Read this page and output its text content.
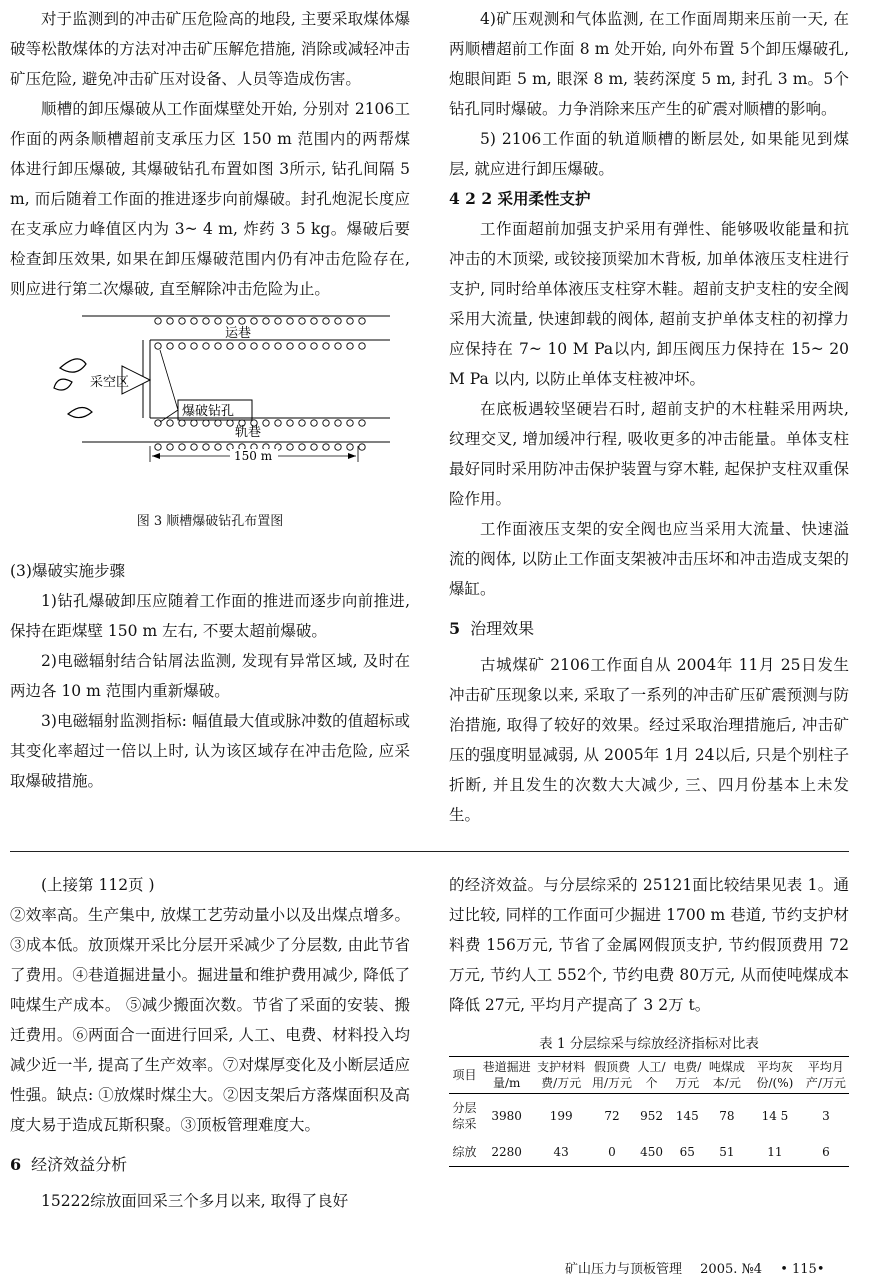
对于监测到的冲击矿压危险高的地段, 主要采取煤体爆破等松散煤体的方法对冲击矿压解危措施, 消除或减轻冲击矿压危险, 避免冲击矿压对设备、人员等造成伤害。

顺槽的卸压爆破从工作面煤壁处开始, 分别对 2106工作面的两条顺槽超前支承压力区 150 m 范围内的两帮煤体进行卸压爆破, 其爆破钻孔布置如图 3所示, 钻孔间隔 5 m, 而后随着工作面的推进逐步向前爆破。封孔炮泥长度应在支承应力峰值区内为 3~ 4 m, 炸药 3 5 kg。爆破后要检查卸压效果, 如果在卸压爆破范围内仍有冲击危险存在, 则应进行第二次爆破, 直至解除冲击危险为止。

运巷
采空区
爆破钻孔
轨巷
150 m
图 3 顺槽爆破钻孔布置图
(3)爆破实施步骤

1)钻孔爆破卸压应随着工作面的推进而逐步向前推进, 保持在距煤壁 150 m 左右, 不要太超前爆破。

2)电磁辐射结合钻屑法监测, 发现有异常区域, 及时在两边各 10 m 范围内重新爆破。

3)电磁辐射监测指标: 幅值最大值或脉冲数的值超标或其变化率超过一倍以上时, 认为该区域存在冲击危险, 应采取爆破措施。

4)矿压观测和气体监测, 在工作面周期来压前一天, 在两顺槽超前工作面 8 m 处开始, 向外布置 5个卸压爆破孔, 炮眼间距 5 m, 眼深 8 m, 装药深度 5 m, 封孔 3 m。5个钻孔同时爆破。力争消除来压产生的矿震对顺槽的影响。

5) 2106工作面的轨道顺槽的断层处, 如果能见到煤层, 就应进行卸压爆破。

4 2 2 采用柔性支护

工作面超前加强支护采用有弹性、能够吸收能量和抗冲击的木顶梁, 或铰接顶梁加木背板, 加单体液压支柱进行支护, 同时给单体液压支柱穿木鞋。超前支护支柱的安全阀采用大流量, 快速卸载的阀体, 超前支护单体支柱的初撑力应保持在 7~ 10 M Pa以内, 卸压阀压力保持在 15~ 20 M Pa 以内, 以防止单体支柱被冲坏。

在底板遇较坚硬岩石时, 超前支护的木柱鞋采用两块, 纹理交叉, 增加缓冲行程, 吸收更多的冲击能量。单体支柱最好同时采用防冲击保护装置与穿木鞋, 起保护支柱双重保险作用。

工作面液压支架的安全阀也应当采用大流量、快速溢流的阀体, 以防止工作面支架被冲击压坏和冲击造成支架的爆缸。

5 治理效果

古城煤矿 2106工作面自从 2004年 11月 25日发生冲击矿压现象以来, 采取了一系列的冲击矿压矿震预测与防治措施, 取得了较好的效果。经过采取治理措施后, 冲击矿压的强度明显减弱, 从 2005年 1月 24以后, 只是个别柱子折断, 并且发生的次数大大减少, 三、四月份基本上未发生。

(上接第 112页 )

②效率高。生产集中, 放煤工艺劳动量小以及出煤点增多。③成本低。放顶煤开采比分层开采减少了分层数, 由此节省了费用。④巷道掘进量小。掘进量和维护费用减少, 降低了吨煤生产成本。 ⑤减少搬面次数。节省了采面的安装、搬迁费用。⑥两面合一面进行回采, 人工、电费、材料投入均减少近一半, 提高了生产效率。⑦对煤厚变化及小断层适应性强。缺点: ①放煤时煤尘大。②因支架后方落煤面积及高度大易于造成瓦斯积聚。③顶板管理难度大。

6 经济效益分析

15222综放面回采三个多月以来, 取得了良好

的经济效益。与分层综采的 25121面比较结果见表 1。通过比较, 同样的工作面可少掘进 1700 m 巷道, 节约支护材料费 156万元, 节省了金属网假顶支护, 节约假顶费用 72万元, 节约人工 552个, 节约电费 80万元, 从而使吨煤成本降低 27元, 平均月产提高了 3 2万 t。

表 1 分层综采与综放经济指标对比表
项目	巷道掘进量/m	支护材料费/万元	假顶费用/万元	人工/个	电费/万元	吨煤成本/元	平均灰份/(%)	平均月产/万元
分层综采	3980	199	72	952	145	78	14 5	3
综放	2280	43	0	450	65	51	11	6
矿山压力与顶板管理 2005. №4 • 115•
